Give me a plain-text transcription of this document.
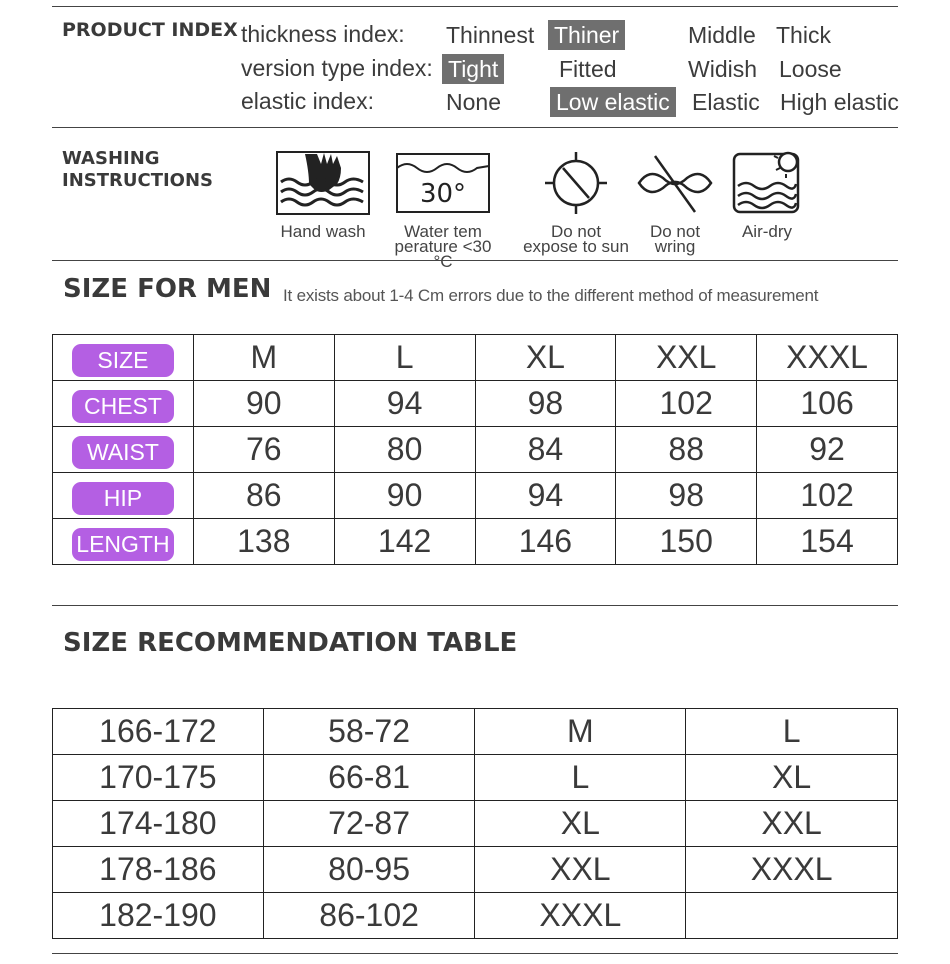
PRODUCT INDEX thickness index: Thinnest Thiner	Middle Thick
version type index: Tight	Fitted	Widish Loose
elastic index:	None Low elastic Elastic High elastic
WASHING
INSTRUCTIONS
Hand wash
30°
Water tem
perature <30 °C
Do not
expose to sun
Do not
wring
Air-dry
SIZE FOR MEN It exists about 1-4 Cm errors due to the different method of measurement
SIZE	M	L	XL	XXL	XXXL
CHEST	90	94	98	102	106
WAIST	76	80	84	88	92
HIP	86	90	94	98	102
LENGTH	138	142	146	150	154
SIZE RECOMMENDATION TABLE
166-172	58-72	M	L
170-175	66-81	L	XL
174-180	72-87	XL	XXL
178-186	80-95	XXL	XXXL
182-190	86-102	XXXL	
